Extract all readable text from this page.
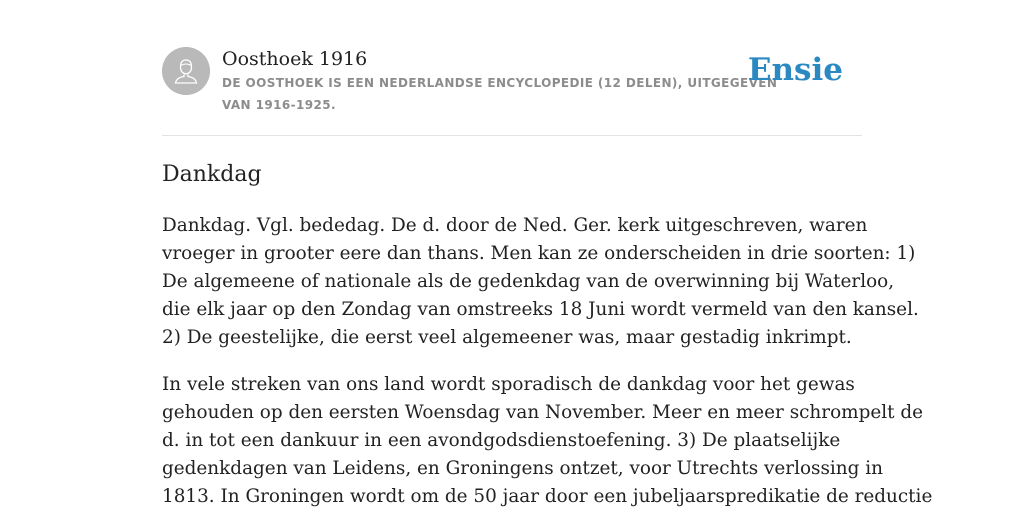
Oosthoek 1916
DE OOSTHOEK IS EEN NEDERLANDSE ENCYCLOPEDIE (12 DELEN), UITGEGEVEN
VAN 1916-1925.
Ensie
Dankdag

Dankdag. Vgl. bededag. De d. door de Ned. Ger. kerk uitgeschreven, waren
vroeger in grooter eere dan thans. Men kan ze onderscheiden in drie soorten: 1)
De algemeene of nationale als de gedenkdag van de overwinning bij Waterloo,
die elk jaar op den Zondag van omstreeks 18 Juni wordt vermeld van den kansel.
2) De geestelijke, die eerst veel algemeener was, maar gestadig inkrimpt.

In vele streken van ons land wordt sporadisch de dankdag voor het gewas
gehouden op den eersten Woensdag van November. Meer en meer schrompelt de
d. in tot een dankuur in een avondgodsdienstoefening. 3) De plaatselijke
gedenkdagen van Leidens, en Groningens ontzet, voor Utrechts verlossing in
1813. In Groningen wordt om de 50 jaar door een jubeljaarspredikatie de reductie
